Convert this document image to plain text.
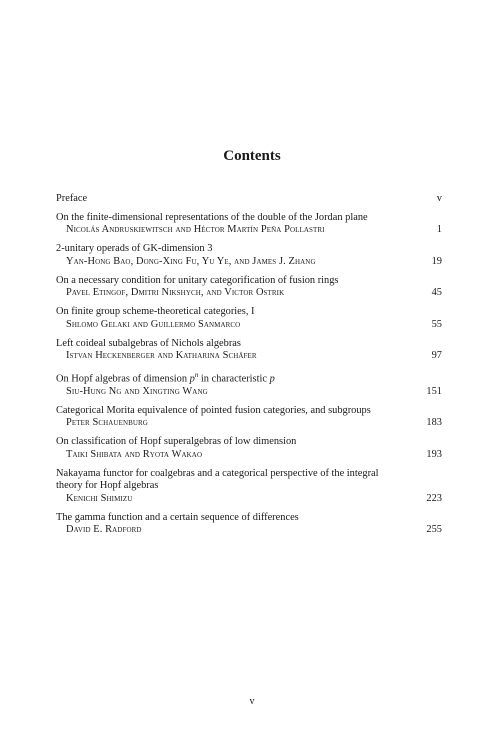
Contents
Preface	v
On the finite-dimensional representations of the double of the Jordan plane
Nicolás Andruskiewitsch and Héctor Martín Peña Pollastri	1
2-unitary operads of GK-dimension 3
Yan-Hong Bao, Dong-Xing Fu, Yu Ye, and James J. Zhang	19
On a necessary condition for unitary categorification of fusion rings
Pavel Etingof, Dmitri Nikshych, and Victor Ostrik	45
On finite group scheme-theoretical categories, I
Shlomo Gelaki and Guillermo Sanmarco	55
Left coideal subalgebras of Nichols algebras
Istvan Heckenberger and Katharina Schäfer	97
On Hopf algebras of dimension $p^n$ in characteristic p
Siu-Hung Ng and Xingting Wang	151
Categorical Morita equivalence of pointed fusion categories, and subgroups
Peter Schauenburg	183
On classification of Hopf superalgebras of low dimension
Taiki Shibata and Ryota Wakao	193
Nakayama functor for coalgebras and a categorical perspective of the integral
theory for Hopf algebras
Kenichi Shimizu	223
The gamma function and a certain sequence of differences
David E. Radford	255
v
